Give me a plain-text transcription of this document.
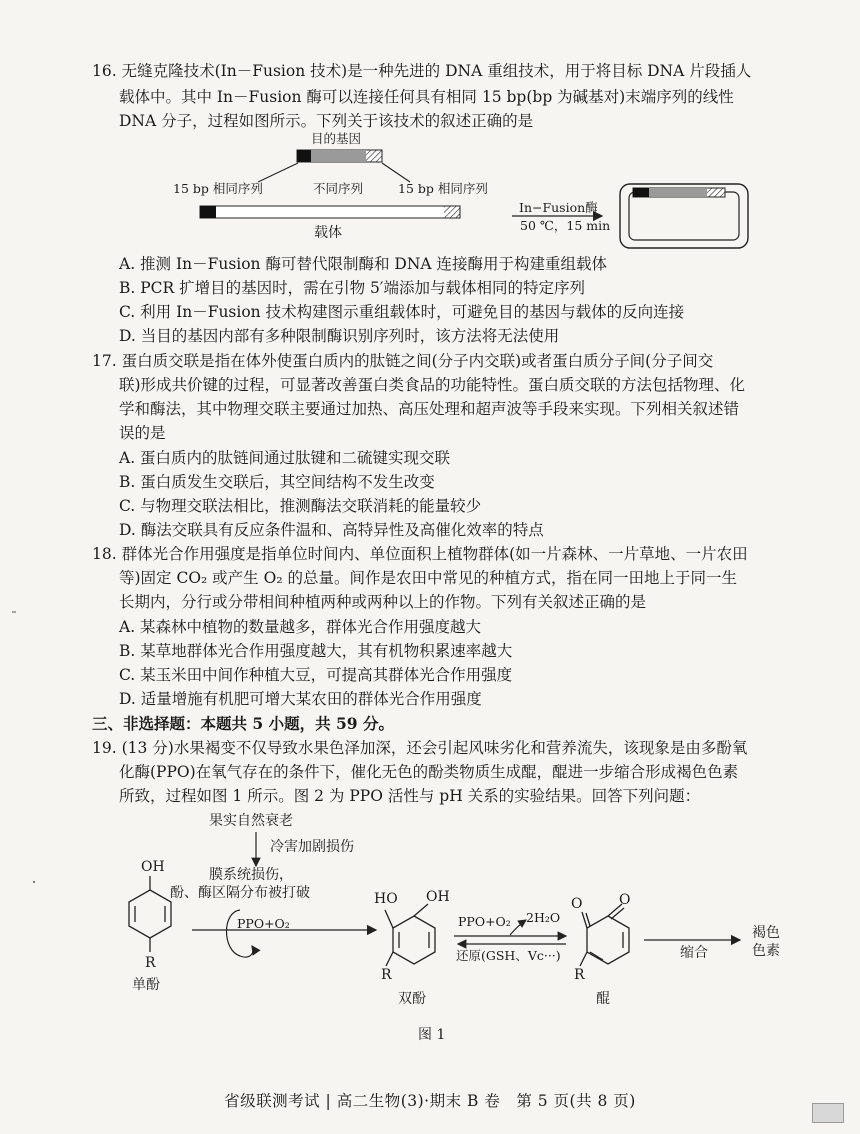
16. 无缝克隆技术(In－Fusion 技术)是一种先进的 DNA 重组技术，用于将目标 DNA 片段插人
载体中。其中 In－Fusion 酶可以连接任何具有相同 15 bp(bp 为碱基对)末端序列的线性
DNA 分子，过程如图所示。下列关于该技术的叙述正确的是
目的基因
15 bp 相同序列	不同序列	15 bp 相同序列
载体
In−Fusion酶
50 ℃，15 min
A. 推测 In－Fusion 酶可替代限制酶和 DNA 连接酶用于构建重组载体
B. PCR 扩增目的基因时，需在引物 5′端添加与载体相同的特定序列
C. 利用 In－Fusion 技术构建图示重组载体时，可避免目的基因与载体的反向连接
D. 当目的基因内部有多种限制酶识别序列时，该方法将无法使用
17. 蛋白质交联是指在体外使蛋白质内的肽链之间(分子内交联)或者蛋白质分子间(分子间交
联)形成共价键的过程，可显著改善蛋白类食品的功能特性。蛋白质交联的方法包括物理、化
学和酶法，其中物理交联主要通过加热、高压处理和超声波等手段来实现。下列相关叙述错
误的是
A. 蛋白质内的肽链间通过肽键和二硫键实现交联
B. 蛋白质发生交联后，其空间结构不发生改变
C. 与物理交联法相比，推测酶法交联消耗的能量较少
D. 酶法交联具有反应条件温和、高特异性及高催化效率的特点
18. 群体光合作用强度是指单位时间内、单位面积上植物群体(如一片森林、一片草地、一片农田
等)固定 CO₂ 或产生 O₂ 的总量。间作是农田中常见的种植方式，指在同一田地上于同一生
长期内，分行或分带相间种植两种或两种以上的作物。下列有关叙述正确的是
A. 某森林中植物的数量越多，群体光合作用强度越大
B. 某草地群体光合作用强度越大，其有机物积累速率越大
C. 某玉米田中间作种植大豆，可提高其群体光合作用强度
D. 适量增施有机肥可增大某农田的群体光合作用强度
三、非选择题：本题共 5 小题，共 59 分。
19. (13 分)水果褐变不仅导致水果色泽加深，还会引起风味劣化和营养流失，该现象是由多酚氧
化酶(PPO)在氧气存在的条件下，催化无色的酚类物质生成醌，醌进一步缩合形成褐色色素
所致，过程如图 1 所示。图 2 为 PPO 活性与 pH 关系的实验结果。回答下列问题：
果实自然衰老
冷害加剧损伤
膜系统损伤，
酚、酶区隔分布被打破
PPO+O₂
OH
R
单酚
HO OH
R
双酚
PPO+O₂ 2H₂O
还原(GSH、Vc···)
O	O
R
醌
缩合
褐色
色素
图 1
省级联测考试 | 高二生物(3)·期末 B 卷　第 5 页(共 8 页)
